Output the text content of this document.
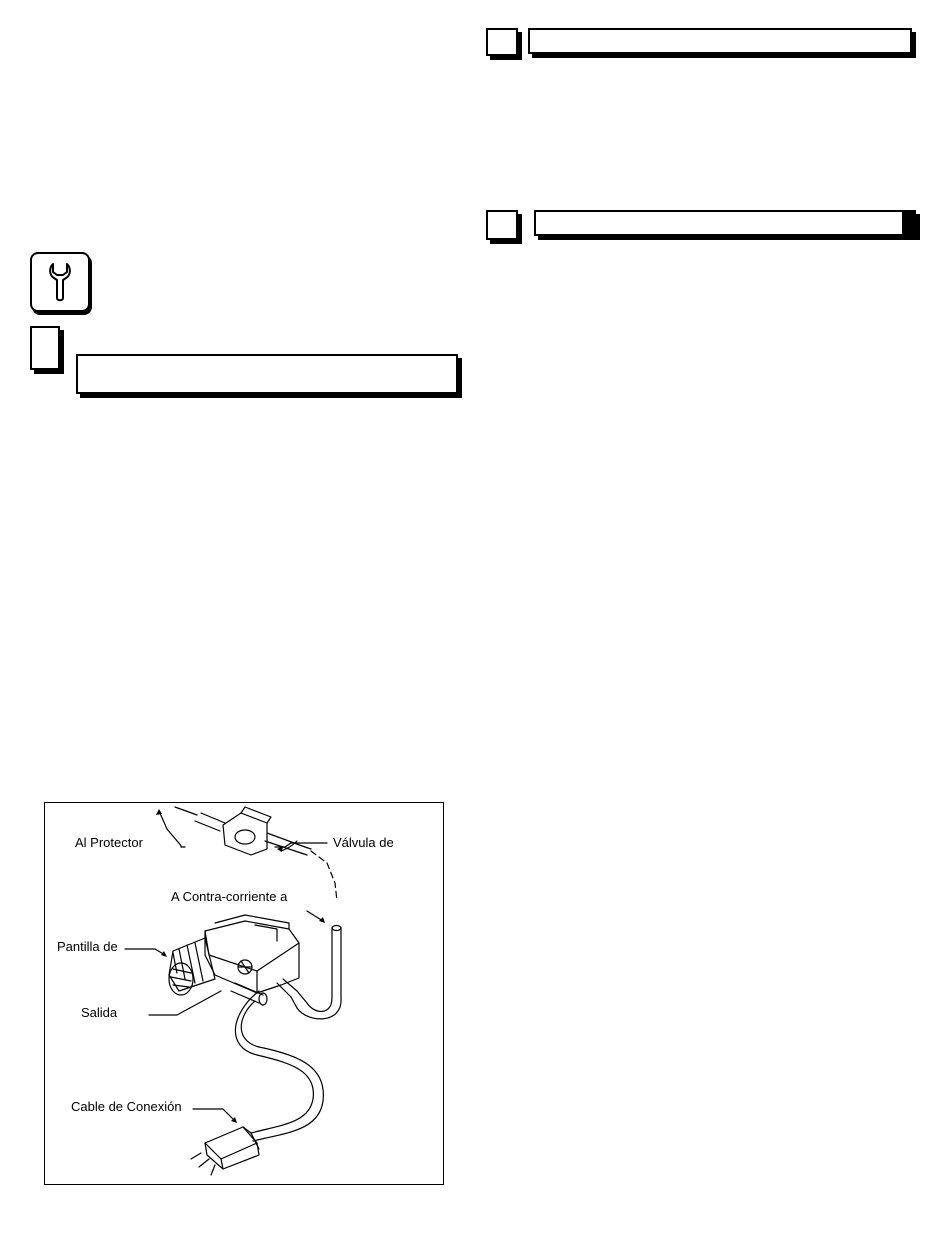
Al Protector	Válvula de
A Contra-corriente a
Pantilla de
Salida
Cable de Conexión
